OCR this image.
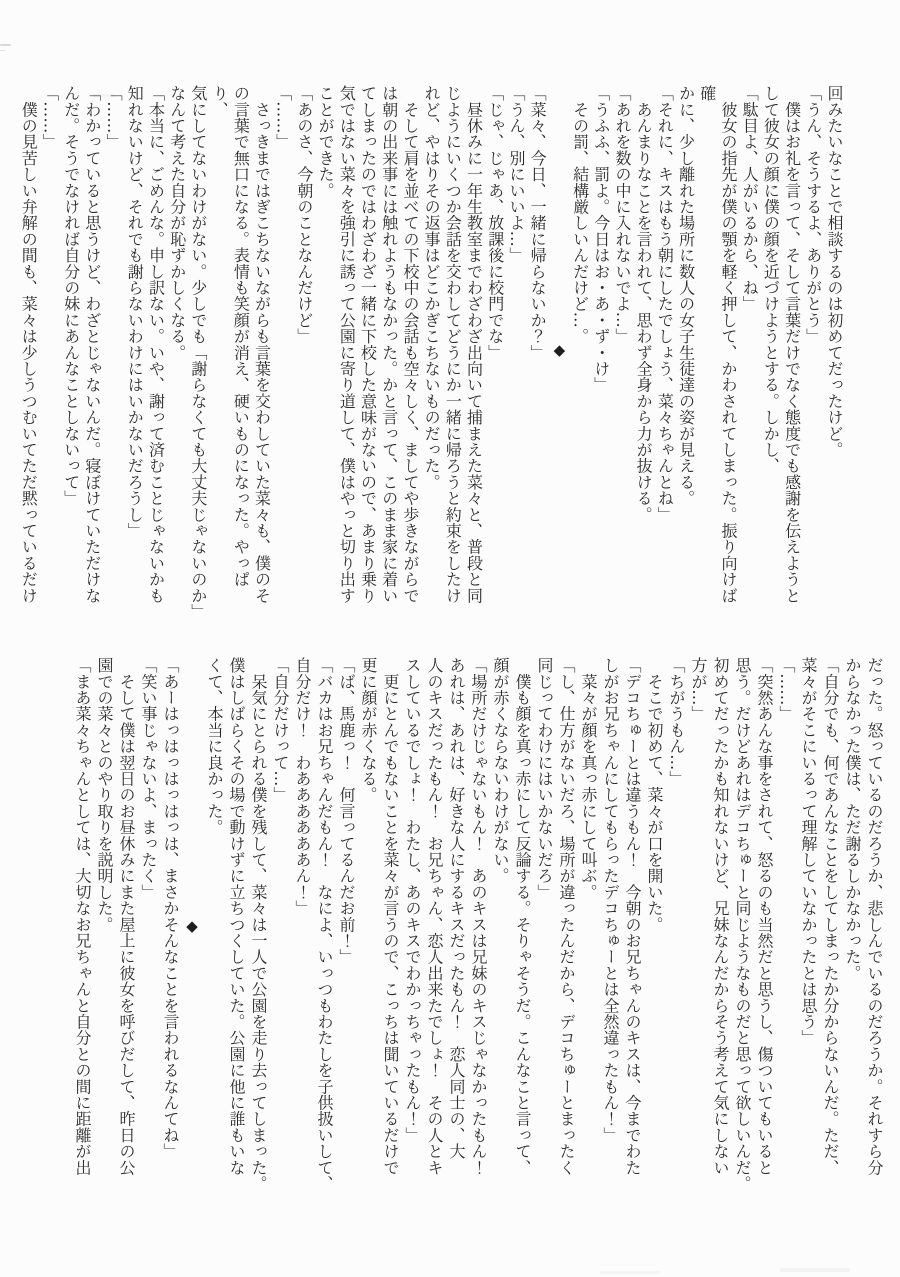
回みたいなことで相談するのは初めてだったけど。

「うん、そうするよ、ありがとう」

　僕はお礼を言って、そして言葉だけでなく態度でも感謝を伝えようと

して彼女の顔に僕の顔を近づけようとする。しかし、

「駄目よ、人がいるから、ね」

　彼女の指先が僕の顎を軽く押して、かわされてしまった。振り向けば確

かに、少し離れた場所に数人の女子生徒達の姿が見える。

「それに、キスはもう朝にしたでしょう、菜々ちゃんとね」

　あんまりなことを言われて、思わず全身から力が抜ける。

「あれを数の中に入れないでよ…」

「うふふ、罰よ。今日はお・あ・ず・け」

　その罰、結構厳しいんだけど…。

◆

「菜々、今日、一緒に帰らないか？」

「うん、別にいいよ…」

「じゃ、じゃあ、放課後に校門でな」

　昼休みに一年生教室までわざわざ出向いて捕まえた菜々と、普段と同

じようにいくつか会話を交わしてどうにか一緒に帰ろうと約束をしたけ

れど、やはりその返事はどこかぎこちないものだった。

　そして肩を並べての下校中の会話も空々しく、ましてや歩きながらで

は朝の出来事には触れようもなかった。かと言って、このまま家に着い

てしまったのではわざわざ一緒に下校した意味がないので、あまり乗り

気ではない菜々を強引に誘って公園に寄り道して、僕はやっと切り出す

ことができた。

「あのさ、今朝のことなんだけど」

「……」

　さっきまではぎこちないながらも言葉を交わしていた菜々も、僕のそ

の言葉で無口になる。表情も笑顔が消え、硬いものになった。やっぱり、

気にしてないわけがない。少しでも「謝らなくても大丈夫じゃないのか」

なんて考えた自分が恥ずかしくなる。

「本当に、ごめんな。申し訳ない。いや、謝って済むことじゃないかも

知れないけど、それでも謝らないわけにはいかないだろうし」

「……」

「わかっていると思うけど、わざとじゃないんだ。寝ぼけていただけな

んだ。そうでなければ自分の妹にあんなことしないって」

「……」

　僕の見苦しい弁解の間も、菜々は少しうつむいてただ黙っているだけ

だった。怒っているのだろうか、悲しんでいるのだろうか。それすら分

からなかった僕は、ただ謝るしかなかった。

「自分でも、何であんなことをしてしまったか分からないんだ。ただ、

菜々がそこにいるって理解していなかったとは思う」

「……」

「突然あんな事をされて、怒るのも当然だと思うし、傷ついてもいると

思う。だけどあれはデコちゅーと同じようなものだと思って欲しいんだ。

初めてだったかも知れないけど、兄妹なんだからそう考えて気にしない

方が…」

「ちがうもん…」

　そこで初めて、菜々が口を開いた。

「デコちゅーとは違うもん！　今朝のお兄ちゃんのキスは、今までわた

しがお兄ちゃんにしてもらったデコちゅーとは全然違ったもん！」

　菜々が顔を真っ赤にして叫ぶ。

「し、仕方がないだろ、場所が違ったんだから、デコちゅーとまったく

同じってわけにはいかないだろ」

　僕も顔を真っ赤にして反論する。そりゃそうだ。こんなこと言って、

顔が赤くならないわけがない。

「場所だけじゃないもん！　あのキスは兄妹のキスじゃなかったもん！

あれは、あれは、好きな人にするキスだったもん！　恋人同士の、大

人のキスだったもん！　お兄ちゃん、恋人出来たでしょ！　その人とキ

スしているでしょ！　わたし、あのキスでわかっちゃったもん！」

　更にとんでもないことを菜々が言うので、こっちは聞いているだけで

更に顔が赤くなる。

「ば、馬鹿っ！　何言ってるんだお前！」

「バカはお兄ちゃんだもん！　なによ、いっつもわたしを子供扱いして、

自分だけ！　わああああああん！」

「自分だけって…」

　呆気にとられる僕を残して、菜々は一人で公園を走り去ってしまった。

僕はしばらくその場で動けずに立ちつくしていた。公園に他に誰もいな

くて、本当に良かった。

◆

「あーはっはっはっはっは、まさかそんなことを言われるなんてね」

「笑い事じゃないよ、まったく」

　そして僕は翌日のお昼休みにまた屋上に彼女を呼びだして、昨日の公

園での菜々とのやり取りを説明した。

「まあ菜々ちゃんとしては、大切なお兄ちゃんと自分との間に距離が出
